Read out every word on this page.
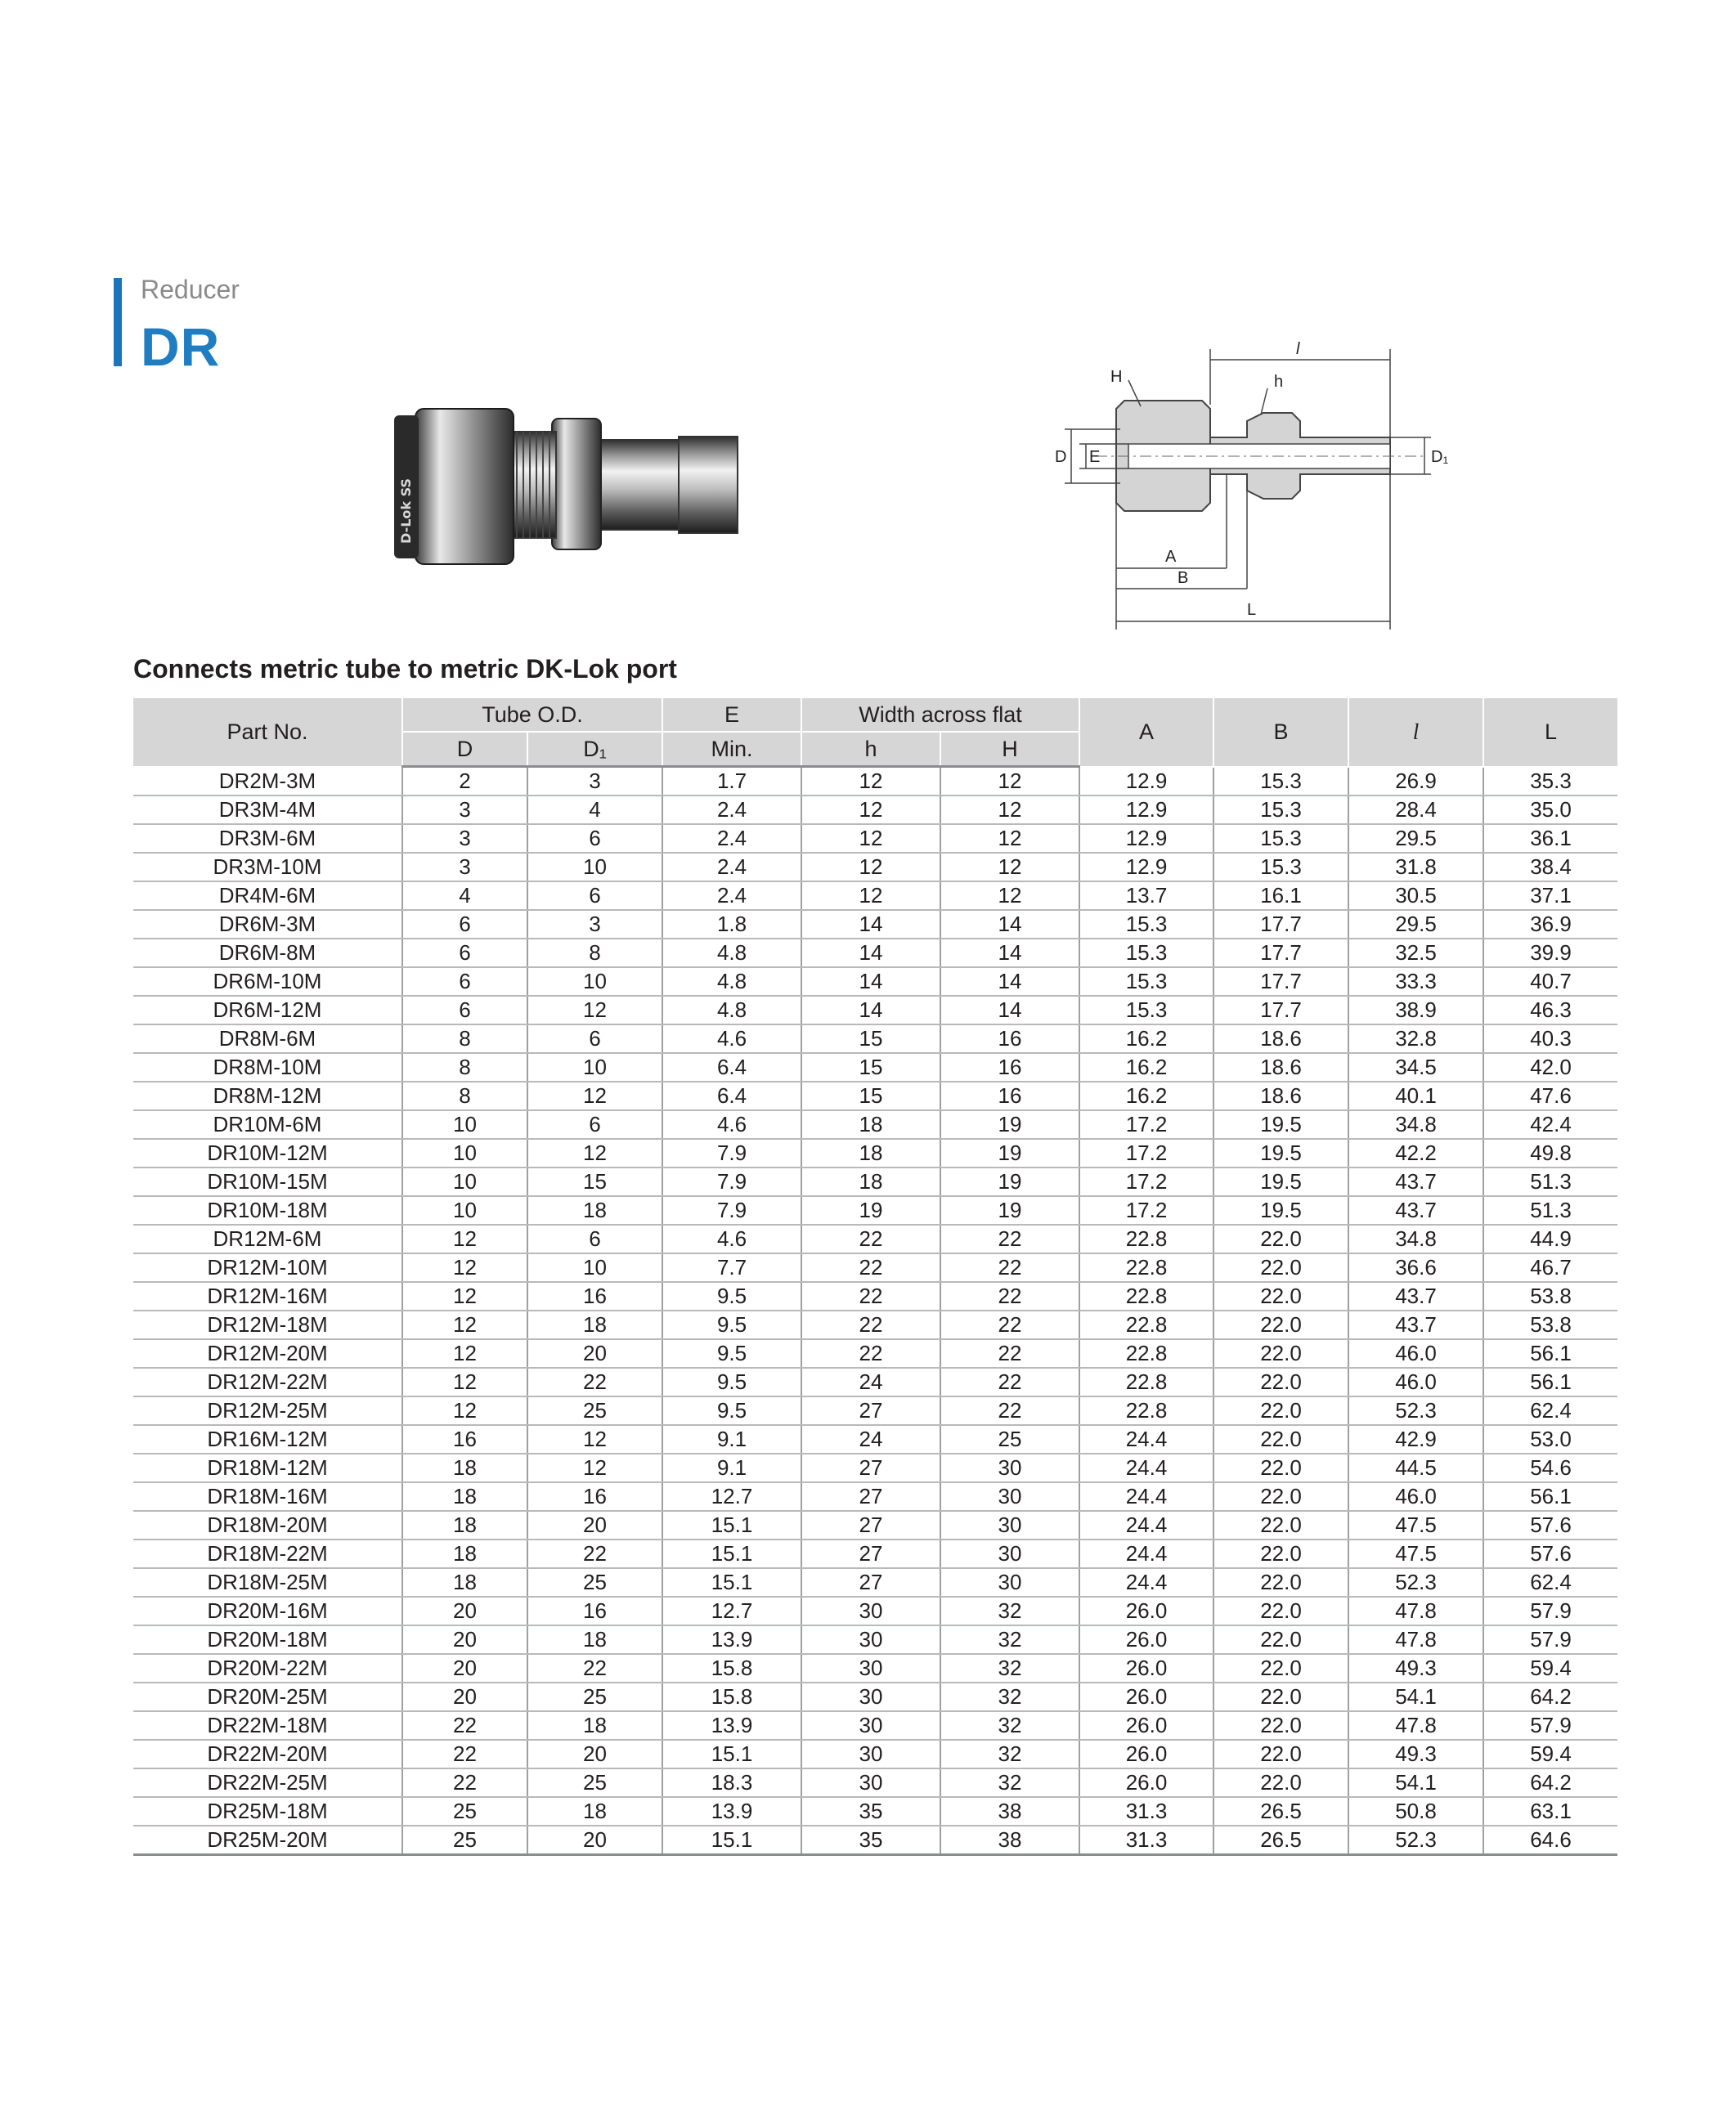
Reducer
DR
D-Lok SS
H	h
l
D E	D₁
A
B
L
Connects metric tube to metric DK-Lok port
Part No.	Tube O.D.		E	Width across flat		A	B	l	L
	D	D₁	Min.	h	H				
DR2M-3M	2	3	1.7	12	12	12.9	15.3	26.9	35.3
DR3M-4M	3	4	2.4	12	12	12.9	15.3	28.4	35.0
DR3M-6M	3	6	2.4	12	12	12.9	15.3	29.5	36.1
DR3M-10M	3	10	2.4	12	12	12.9	15.3	31.8	38.4
DR4M-6M	4	6	2.4	12	12	13.7	16.1	30.5	37.1
DR6M-3M	6	3	1.8	14	14	15.3	17.7	29.5	36.9
DR6M-8M	6	8	4.8	14	14	15.3	17.7	32.5	39.9
DR6M-10M	6	10	4.8	14	14	15.3	17.7	33.3	40.7
DR6M-12M	6	12	4.8	14	14	15.3	17.7	38.9	46.3
DR8M-6M	8	6	4.6	15	16	16.2	18.6	32.8	40.3
DR8M-10M	8	10	6.4	15	16	16.2	18.6	34.5	42.0
DR8M-12M	8	12	6.4	15	16	16.2	18.6	40.1	47.6
DR10M-6M	10	6	4.6	18	19	17.2	19.5	34.8	42.4
DR10M-12M	10	12	7.9	18	19	17.2	19.5	42.2	49.8
DR10M-15M	10	15	7.9	18	19	17.2	19.5	43.7	51.3
DR10M-18M	10	18	7.9	19	19	17.2	19.5	43.7	51.3
DR12M-6M	12	6	4.6	22	22	22.8	22.0	34.8	44.9
DR12M-10M	12	10	7.7	22	22	22.8	22.0	36.6	46.7
DR12M-16M	12	16	9.5	22	22	22.8	22.0	43.7	53.8
DR12M-18M	12	18	9.5	22	22	22.8	22.0	43.7	53.8
DR12M-20M	12	20	9.5	22	22	22.8	22.0	46.0	56.1
DR12M-22M	12	22	9.5	24	22	22.8	22.0	46.0	56.1
DR12M-25M	12	25	9.5	27	22	22.8	22.0	52.3	62.4
DR16M-12M	16	12	9.1	24	25	24.4	22.0	42.9	53.0
DR18M-12M	18	12	9.1	27	30	24.4	22.0	44.5	54.6
DR18M-16M	18	16	12.7	27	30	24.4	22.0	46.0	56.1
DR18M-20M	18	20	15.1	27	30	24.4	22.0	47.5	57.6
DR18M-22M	18	22	15.1	27	30	24.4	22.0	47.5	57.6
DR18M-25M	18	25	15.1	27	30	24.4	22.0	52.3	62.4
DR20M-16M	20	16	12.7	30	32	26.0	22.0	47.8	57.9
DR20M-18M	20	18	13.9	30	32	26.0	22.0	47.8	57.9
DR20M-22M	20	22	15.8	30	32	26.0	22.0	49.3	59.4
DR20M-25M	20	25	15.8	30	32	26.0	22.0	54.1	64.2
DR22M-18M	22	18	13.9	30	32	26.0	22.0	47.8	57.9
DR22M-20M	22	20	15.1	30	32	26.0	22.0	49.3	59.4
DR22M-25M	22	25	18.3	30	32	26.0	22.0	54.1	64.2
DR25M-18M	25	18	13.9	35	38	31.3	26.5	50.8	63.1
DR25M-20M	25	20	15.1	35	38	31.3	26.5	52.3	64.6
